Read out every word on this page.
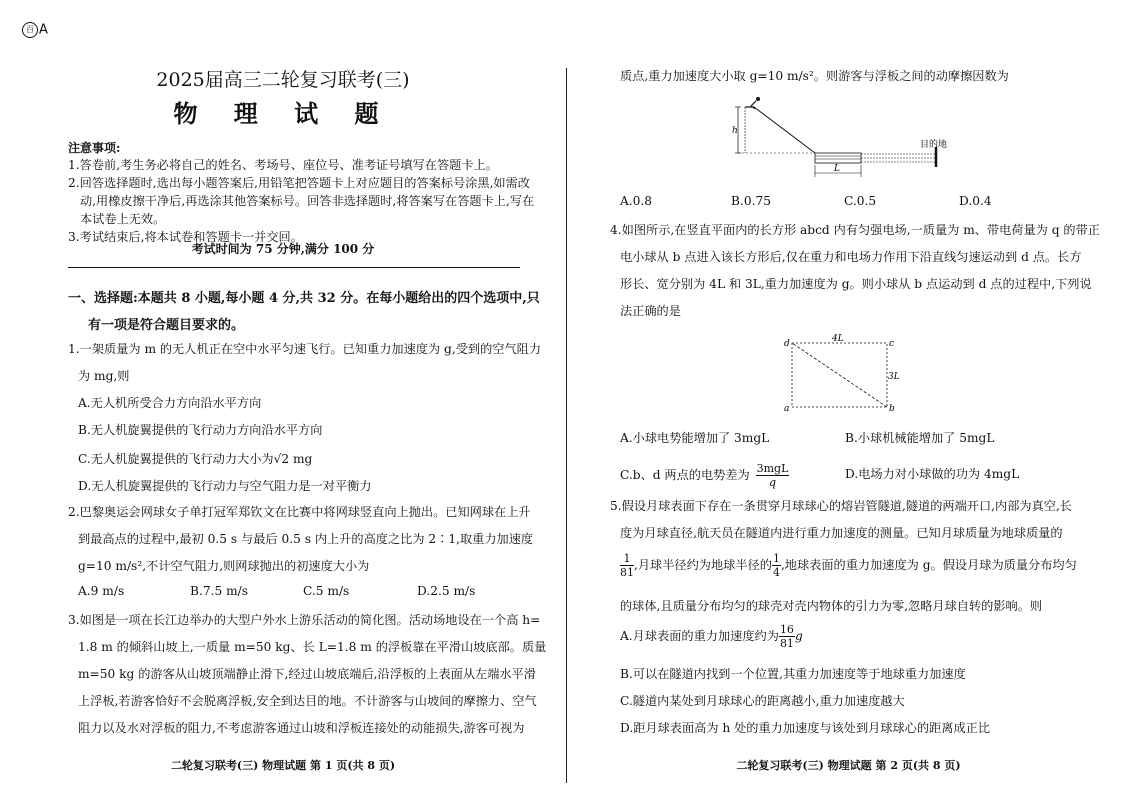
百 A
2025届高三二轮复习联考(三)
物 理 试 题
注意事项:
1.答卷前,考生务必将自己的姓名、考场号、座位号、准考证号填写在答题卡上。
2.回答选择题时,选出每小题答案后,用铅笔把答题卡上对应题目的答案标号涂黑,如需改
动,用橡皮擦干净后,再选涂其他答案标号。回答非选择题时,将答案写在答题卡上,写在
本试卷上无效。
3.考试结束后,将本试卷和答题卡一并交回。
考试时间为 75 分钟,满分 100 分
一、选择题:本题共 8 小题,每小题 4 分,共 32 分。在每小题给出的四个选项中,只
有一项是符合题目要求的。
1.一架质量为 m 的无人机正在空中水平匀速飞行。已知重力加速度为 g,受到的空气阻力
为 mg,则
A.无人机所受合力方向沿水平方向
B.无人机旋翼提供的飞行动力方向沿水平方向
C.无人机旋翼提供的飞行动力大小为√2 mg
D.无人机旋翼提供的飞行动力与空气阻力是一对平衡力
2.巴黎奥运会网球女子单打冠军郑钦文在比赛中将网球竖直向上抛出。已知网球在上升
到最高点的过程中,最初 0.5 s 与最后 0.5 s 内上升的高度之比为 2∶1,取重力加速度
g=10 m/s²,不计空气阻力,则网球抛出的初速度大小为
A.9 m/s	B.7.5 m/s	C.5 m/s	D.2.5 m/s
3.如图是一项在长江边举办的大型户外水上游乐活动的简化图。活动场地设在一个高 h=
1.8 m 的倾斜山坡上,一质量 m=50 kg、长 L=1.8 m 的浮板靠在平滑山坡底部。质量
m=50 kg 的游客从山坡顶端静止滑下,经过山坡底端后,沿浮板的上表面从左端水平滑
上浮板,若游客恰好不会脱离浮板,安全到达目的地。不计游客与山坡间的摩擦力、空气
阻力以及水对浮板的阻力,不考虑游客通过山坡和浮板连接处的动能损失,游客可视为
二轮复习联考(三) 物理试题 第 1 页(共 8 页)
质点,重力加速度大小取 g=10 m/s²。则游客与浮板之间的动摩擦因数为
h
目的地
L
A.0.8	B.0.75	C.0.5	D.0.4
4.如图所示,在竖直平面内的长方形 abcd 内有匀强电场,一质量为 m、带电荷量为 q 的带正
电小球从 b 点进入该长方形后,仅在重力和电场力作用下沿直线匀速运动到 d 点。长方
形长、宽分别为 4L 和 3L,重力加速度为 g。则小球从 b 点运动到 d 点的过程中,下列说
法正确的是
d	c
a	b
4L
3L
A.小球电势能增加了 3mgL	B.小球机械能增加了 5mgL
C.b、d 两点的电势差为 3mgL
q
D.电场力对小球做的功为 4mgL
5.假设月球表面下存在一条贯穿月球球心的熔岩管隧道,隧道的两端开口,内部为真空,长
度为月球直径,航天员在隧道内进行重力加速度的测量。已知月球质量为地球质量的
$\frac{1}{81}$ ,月球半径约为地球半径的 $\frac{1}{4}$ ,地球表面的重力加速度为 g。假设月球为质量分布均匀
的球体,且质量分布均匀的球壳对壳内物体的引力为零,忽略月球自转的影响。则
A.月球表面的重力加速度约为 $\frac{16}{81}$ g
B.可以在隧道内找到一个位置,其重力加速度等于地球重力加速度
C.隧道内某处到月球球心的距离越小,重力加速度越大
D.距月球表面高为 h 处的重力加速度与该处到月球球心的距离成正比
二轮复习联考(三) 物理试题 第 2 页(共 8 页)
